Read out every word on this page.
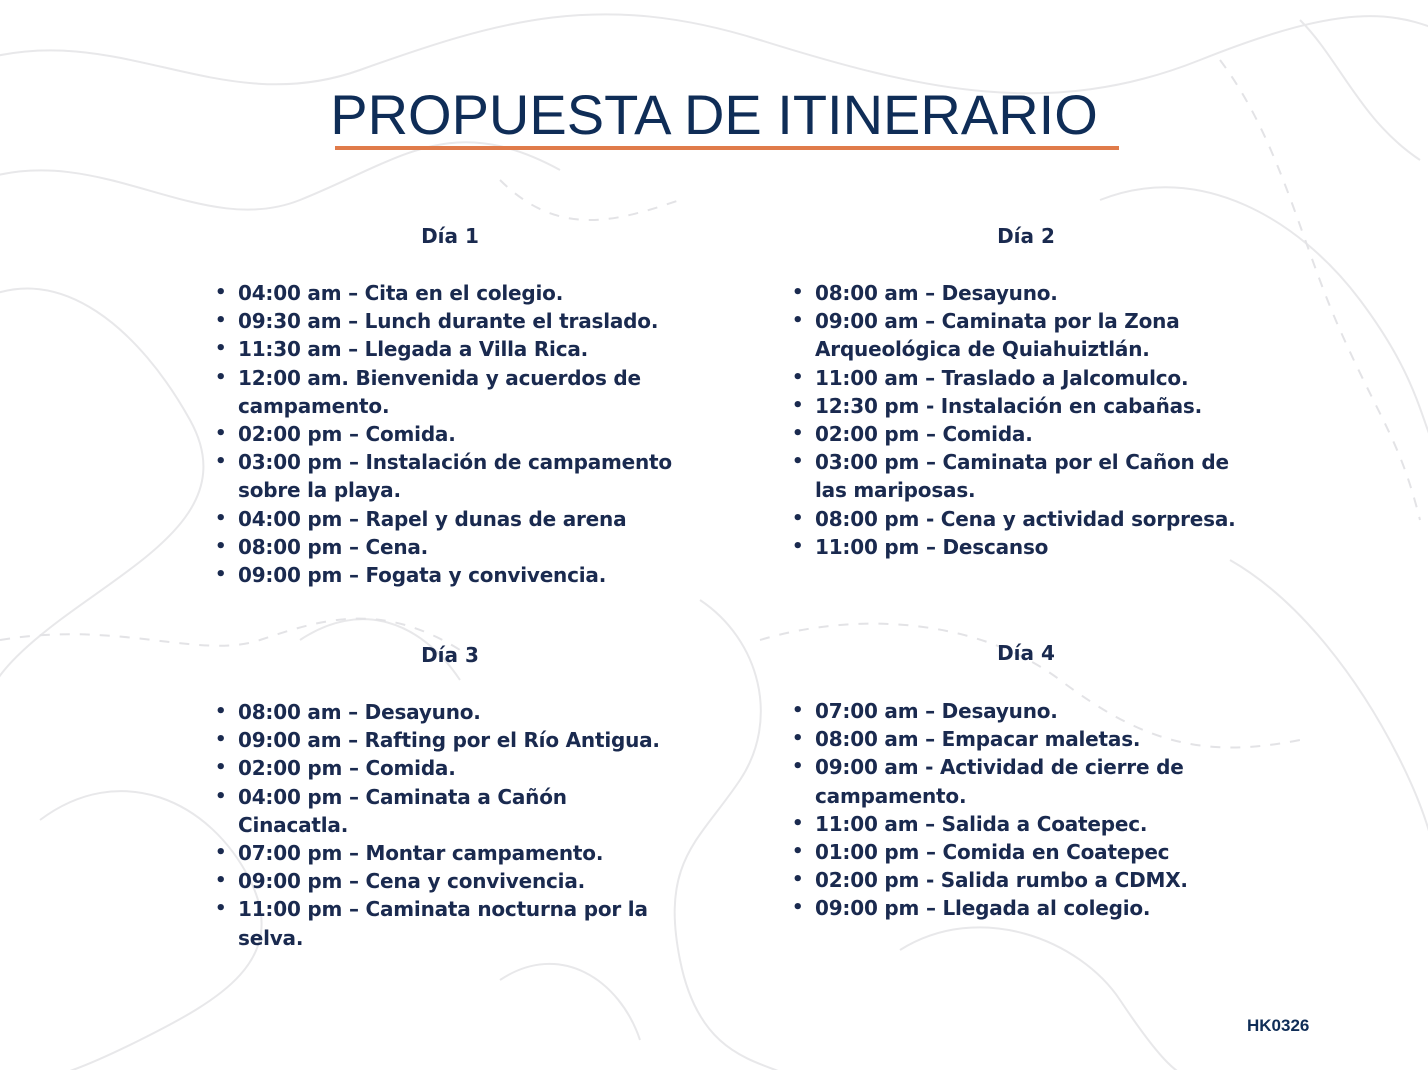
PROPUESTA DE ITINERARIO
Día 1
• 04:00 am – Cita en el colegio.
• 09:30 am – Lunch durante el traslado.
• 11:30 am – Llegada a Villa Rica.
• 12:00 am. Bienvenida y acuerdos de campamento.
• 02:00 pm – Comida.
• 03:00 pm – Instalación de campamento sobre la playa.
• 04:00 pm – Rapel y dunas de arena
• 08:00 pm – Cena.
• 09:00 pm – Fogata y convivencia.
Día 2
• 08:00 am – Desayuno.
• 09:00 am – Caminata por la Zona Arqueológica de Quiahuiztlán.
• 11:00 am – Traslado a Jalcomulco.
• 12:30 pm - Instalación en cabañas.
• 02:00 pm – Comida.
• 03:00 pm – Caminata por el Cañon de las mariposas.
• 08:00 pm - Cena y actividad sorpresa.
• 11:00 pm – Descanso
Día 3
• 08:00 am – Desayuno.
• 09:00 am – Rafting por el Río Antigua.
• 02:00 pm – Comida.
• 04:00 pm – Caminata a Cañón Cinacatla.
• 07:00 pm – Montar campamento.
• 09:00 pm – Cena y convivencia.
• 11:00 pm – Caminata nocturna por la selva.
Día 4
• 07:00 am – Desayuno.
• 08:00 am – Empacar maletas.
• 09:00 am - Actividad de cierre de campamento.
• 11:00 am – Salida a Coatepec.
• 01:00 pm – Comida en Coatepec
• 02:00 pm - Salida rumbo a CDMX.
• 09:00 pm – Llegada al colegio.
HK0326
